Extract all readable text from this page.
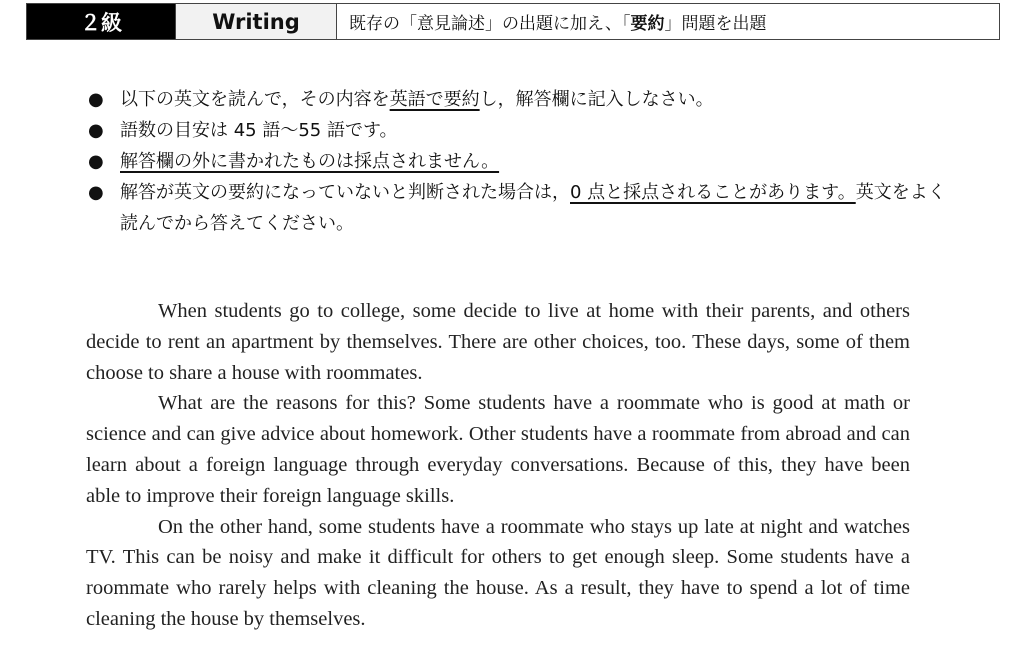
２級	Writing	既存の「意見論述」の出題に加え、「 要約 」問題を出題
● 以下の英文を読んで，その内容を英語で要約し，解答欄に記入しなさい。
● 語数の目安は 45 語〜55 語です。
● 解答欄の外に書かれたものは採点されません。
● 解答が英文の要約になっていないと判断された場合は，0 点と採点されることがあります。英文をよく読んでから答えてください。

When students go to college, some decide to live at home with their parents, and others decide to rent an apartment by themselves. There are other choices, too. These days, some of them choose to share a house with roommates.

What are the reasons for this? Some students have a roommate who is good at math or science and can give advice about homework. Other students have a roommate from abroad and can learn about a foreign language through everyday conversations. Because of this, they have been able to improve their foreign language skills.

On the other hand, some students have a roommate who stays up late at night and watches TV. This can be noisy and make it difficult for others to get enough sleep. Some students have a roommate who rarely helps with cleaning the house. As a result, they have to spend a lot of time cleaning the house by themselves.
